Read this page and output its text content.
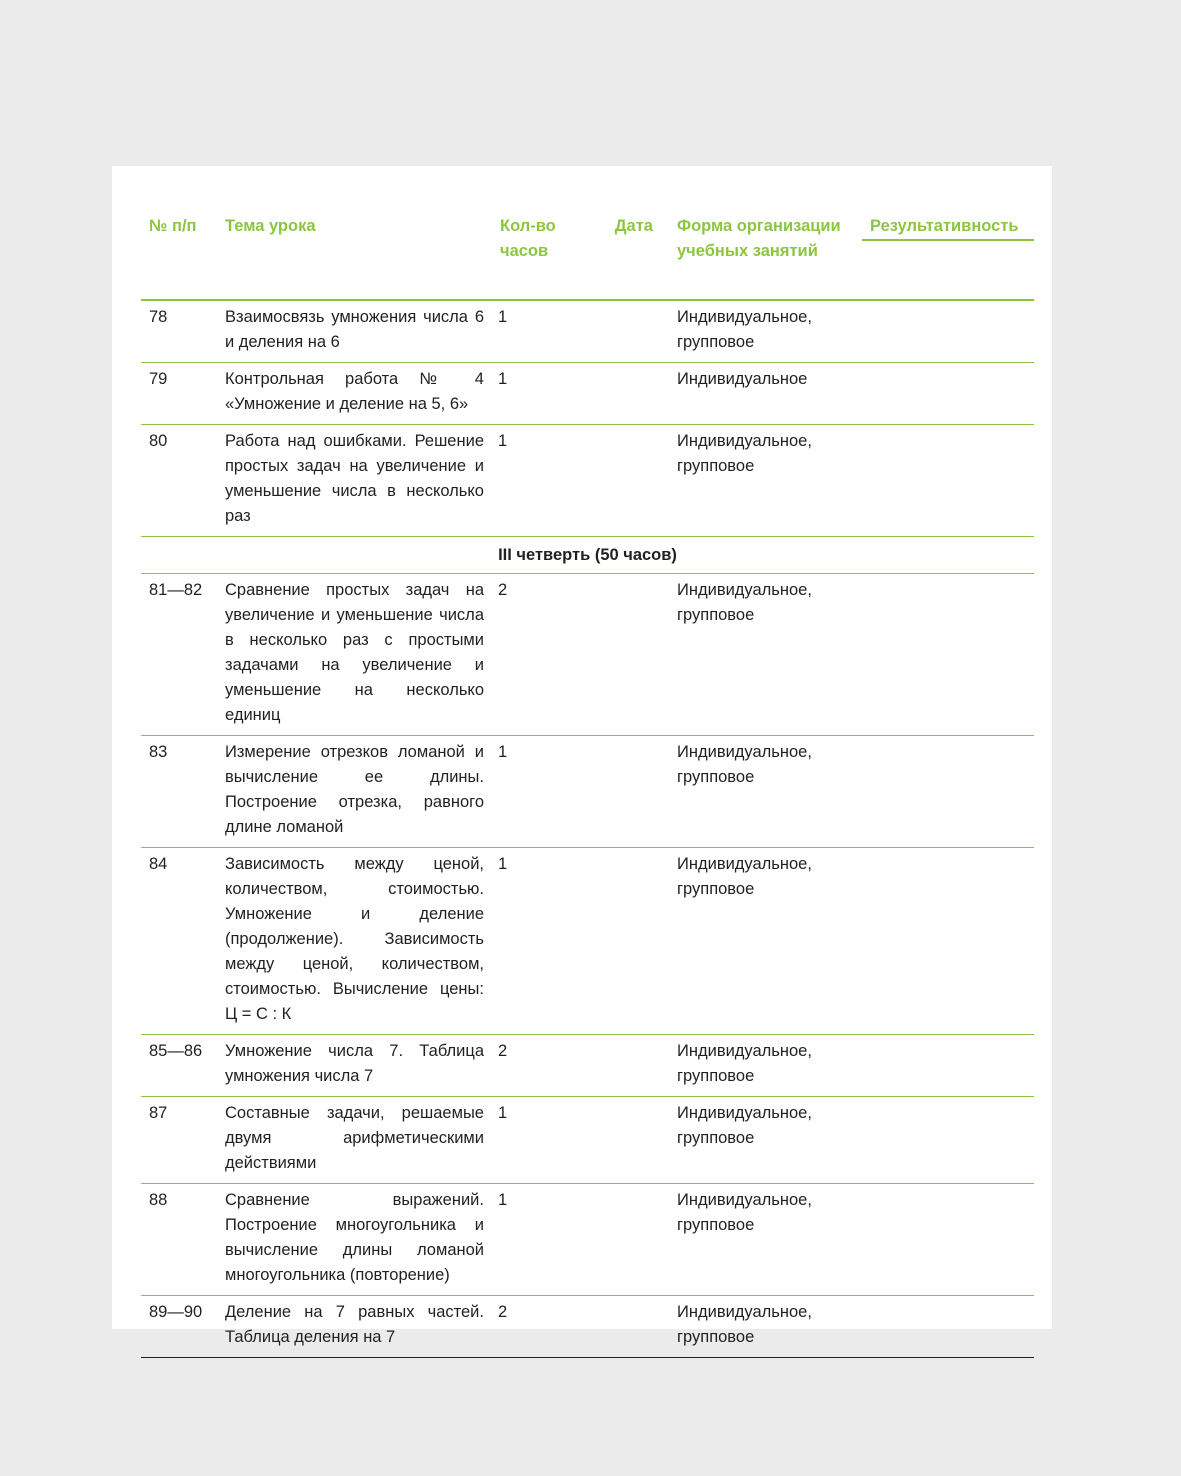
№ п/п	Тема урока	Кол-во часов	Дата	Форма организации учебных занятий	Результативность

78	Взаимосвязь умножения числа 6 и деления на 6	1		Индивидуальное, групповое	
79	Контрольная работа № 4 «Умножение и деление на 5, 6»	1		Индивидуальное	
80	Работа над ошибками. Решение простых задач на увеличение и уменьшение числа в несколько раз	1		Индивидуальное, групповое	
III четверть (50 часов)					
81—82	Сравнение простых задач на увеличение и уменьшение числа в несколько раз с простыми задачами на увеличение и уменьшение на несколько единиц	2		Индивидуальное, групповое	
83	Измерение отрезков ломаной и вычисление ее длины. Построение отрезка, равного длине ломаной	1		Индивидуальное, групповое	
84	Зависимость между ценой, количеством, стоимостью. Умножение и деление (продолжение). Зависимость между ценой, количеством, стоимостью. Вычисление цены: Ц = С : К	1		Индивидуальное, групповое	
85—86	Умножение числа 7. Таблица умножения числа 7	2		Индивидуальное, групповое	
87	Составные задачи, решаемые двумя арифметическими действиями	1		Индивидуальное, групповое	
88	Сравнение выражений. Построение многоугольника и вычисление длины ломаной многоугольника (повторение)	1		Индивидуальное, групповое	
89—90	Деление на 7 равных частей. Таблица деления на 7	2		Индивидуальное, групповое	
